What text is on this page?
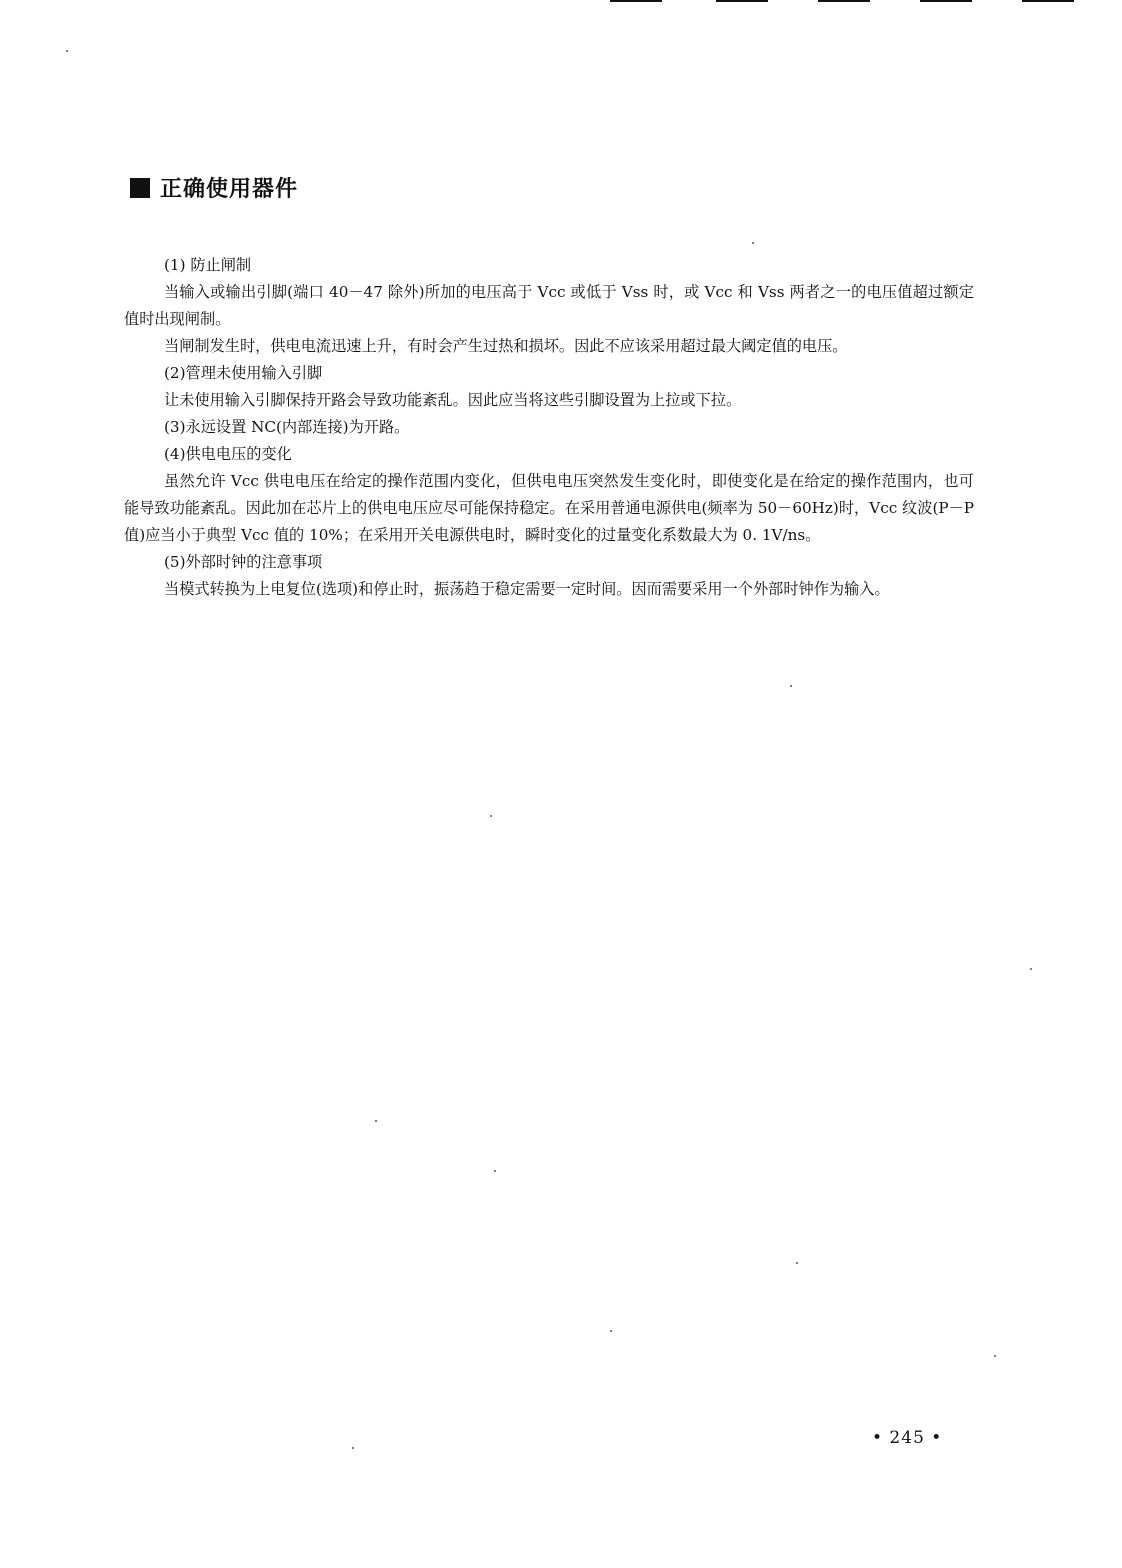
正确使用器件

(1) 防止闸制

当输入或输出引脚(端口 40－47 除外)所加的电压高于 Vcc 或低于 Vss 时，或 Vcc 和 Vss 两者之一的电压值超过额定值时出现闸制。

当闸制发生时，供电电流迅速上升，有时会产生过热和损坏。因此不应该采用超过最大阈定值的电压。

(2)管理未使用输入引脚

让未使用输入引脚保持开路会导致功能紊乱。因此应当将这些引脚设置为上拉或下拉。

(3)永远设置 NC(内部连接)为开路。

(4)供电电压的变化

虽然允许 Vcc 供电电压在给定的操作范围内变化，但供电电压突然发生变化时，即使变化是在给定的操作范围内，也可能导致功能紊乱。因此加在芯片上的供电电压应尽可能保持稳定。在采用普通电源供电(频率为 50－60Hz)时，Vcc 纹波(P－P 值)应当小于典型 Vcc 值的 10%；在采用开关电源供电时，瞬时变化的过量变化系数最大为 0. 1V/ns。

(5)外部时钟的注意事项

当模式转换为上电复位(选项)和停止时，振荡趋于稳定需要一定时间。因而需要采用一个外部时钟作为输入。

• 245 •
